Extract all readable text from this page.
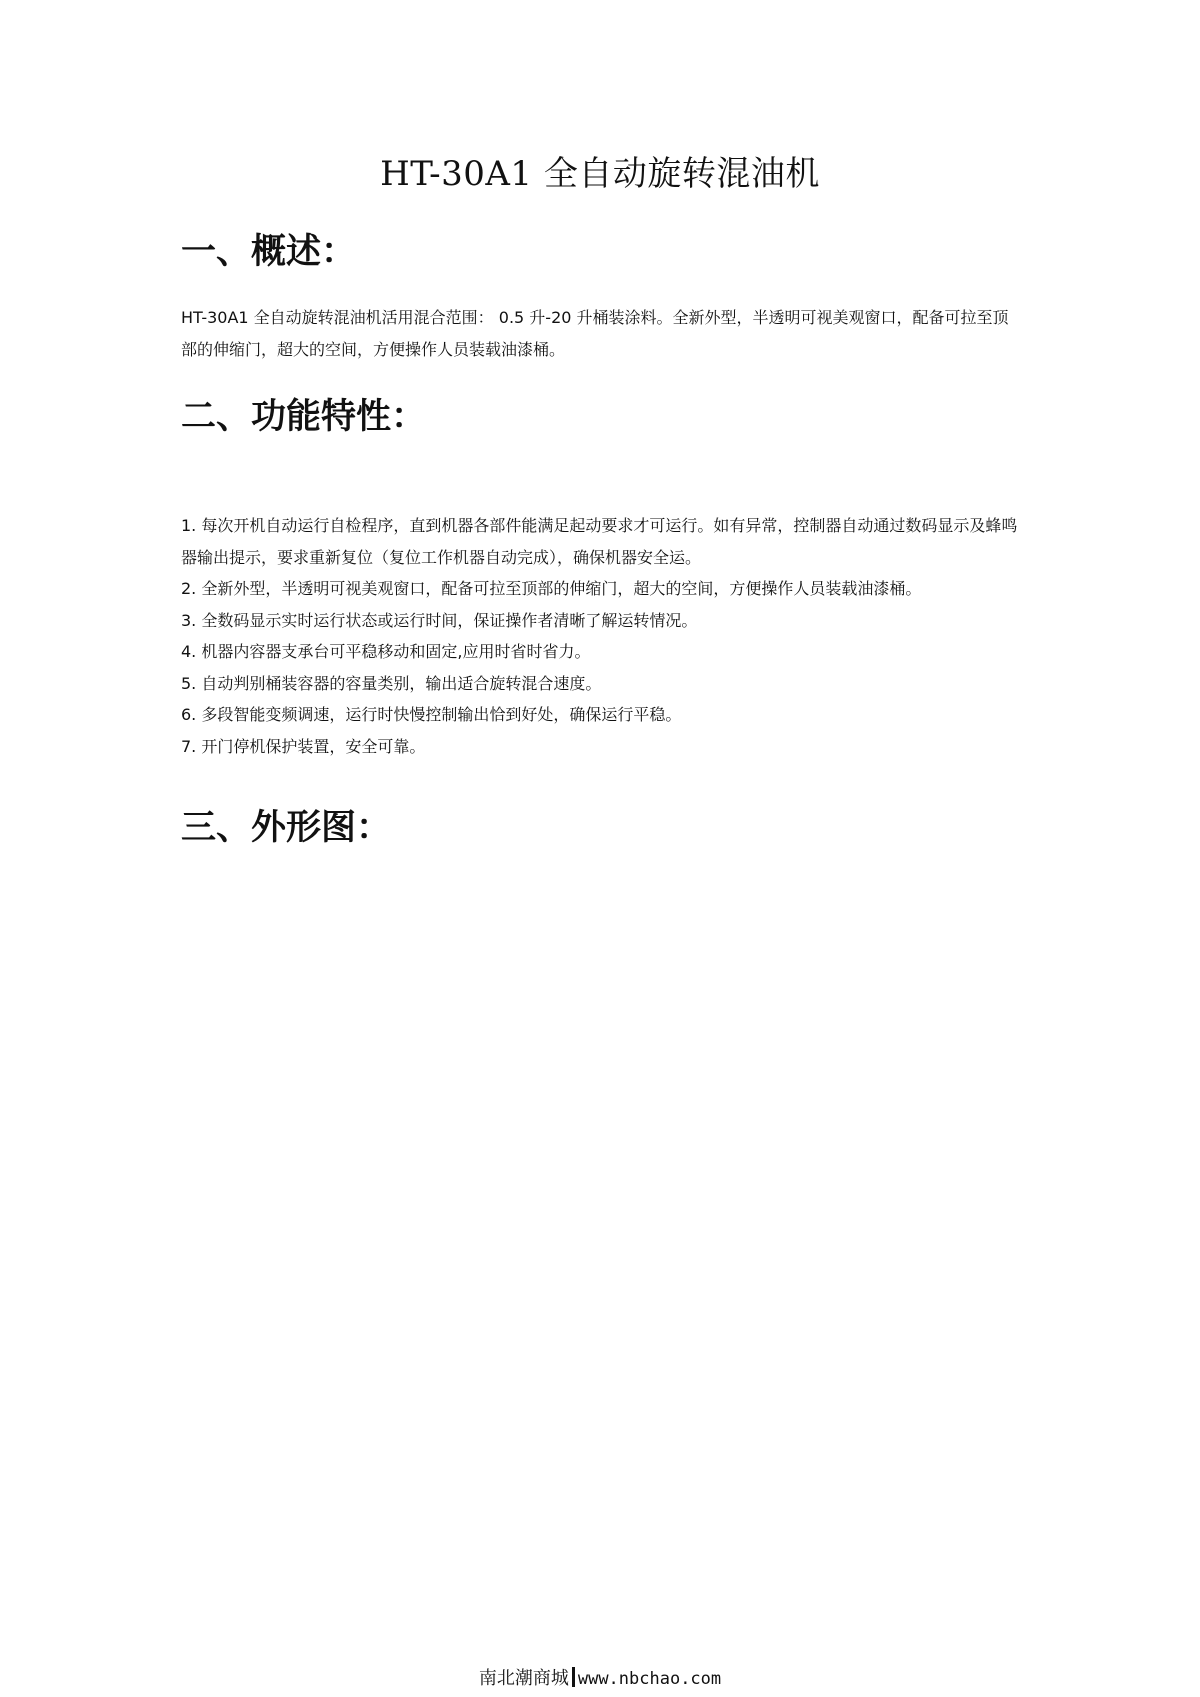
HT-30A1 全自动旋转混油机
一、概述：

HT-30A1 全自动旋转混油机活用混合范围： 0.5 升-20 升桶装涂料。全新外型，半透明可视美观窗口，配备可拉至顶部的伸缩门，超大的空间，方便操作人员装载油漆桶。

二、功能特性：
1. 每次开机自动运行自检程序，直到机器各部件能满足起动要求才可运行。如有异常，控制器自动通过数码显示及蜂鸣器输出提示，要求重新复位（复位工作机器自动完成），确保机器安全运。
2. 全新外型，半透明可视美观窗口，配备可拉至顶部的伸缩门，超大的空间，方便操作人员装载油漆桶。
3. 全数码显示实时运行状态或运行时间，保证操作者清晰了解运转情况。
4. 机器内容器支承台可平稳移动和固定,应用时省时省力。
5. 自动判别桶装容器的容量类别，输出适合旋转混合速度。
6. 多段智能变频调速，运行时快慢控制输出恰到好处，确保运行平稳。
7. 开门停机保护装置，安全可靠。
三、外形图：
南北潮商城 www.nbchao.com
